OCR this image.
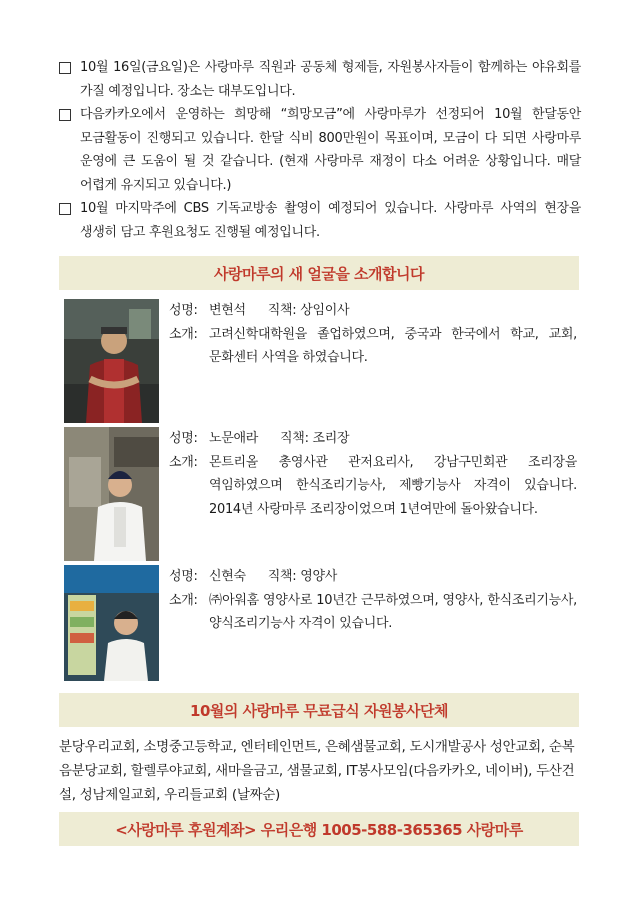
10월 16일(금요일)은 사랑마루 직원과 공동체 형제들, 자원봉사자들이 함께하는 야유회를 가질 예정입니다. 장소는 대부도입니다.
다음카카오에서 운영하는 희망해 “희망모금”에 사랑마루가 선정되어 10월 한달동안 모금활동이 진행되고 있습니다. 한달 식비 800만원이 목표이며, 모금이 다 되면 사랑마루 운영에 큰 도움이 될 것 같습니다. (현재 사랑마루 재정이 다소 어려운 상황입니다. 매달 어렵게 유지되고 있습니다.)
10월 마지막주에 CBS 기독교방송 촬영이 예정되어 있습니다. 사랑마루 사역의 현장을 생생히 담고 후원요청도 진행될 예정입니다.
사랑마루의 새 얼굴을 소개합니다
성명: 변현석 직책: 상임이사
소개: 고려신학대학원을 졸업하였으며, 중국과 한국에서 학교, 교회, 문화센터 사역을 하였습니다.
성명: 노문애라 직책: 조리장
소개: 몬트리올 총영사관 관저요리사, 강남구민회관 조리장을 역임하였으며 한식조리기능사, 제빵기능사 자격이 있습니다. 2014년 사랑마루 조리장이었으며 1년여만에 돌아왔습니다.
성명: 신현숙 직책: 영양사
소개: ㈜아워홈 영양사로 10년간 근무하였으며, 영양사, 한식조리기능사, 양식조리기능사 자격이 있습니다.
10월의 사랑마루 무료급식 자원봉사단체
분당우리교회, 소명중고등학교, 엔터테인먼트, 은혜샘물교회, 도시개발공사 성안교회, 순복음분당교회, 할렐루야교회, 새마을금고, 샘물교회, IT봉사모임(다음카카오, 네이버), 두산건설, 성남제일교회, 우리들교회 (날짜순)
<사랑마루 후원계좌> 우리은행 1005-588-365365 사랑마루
